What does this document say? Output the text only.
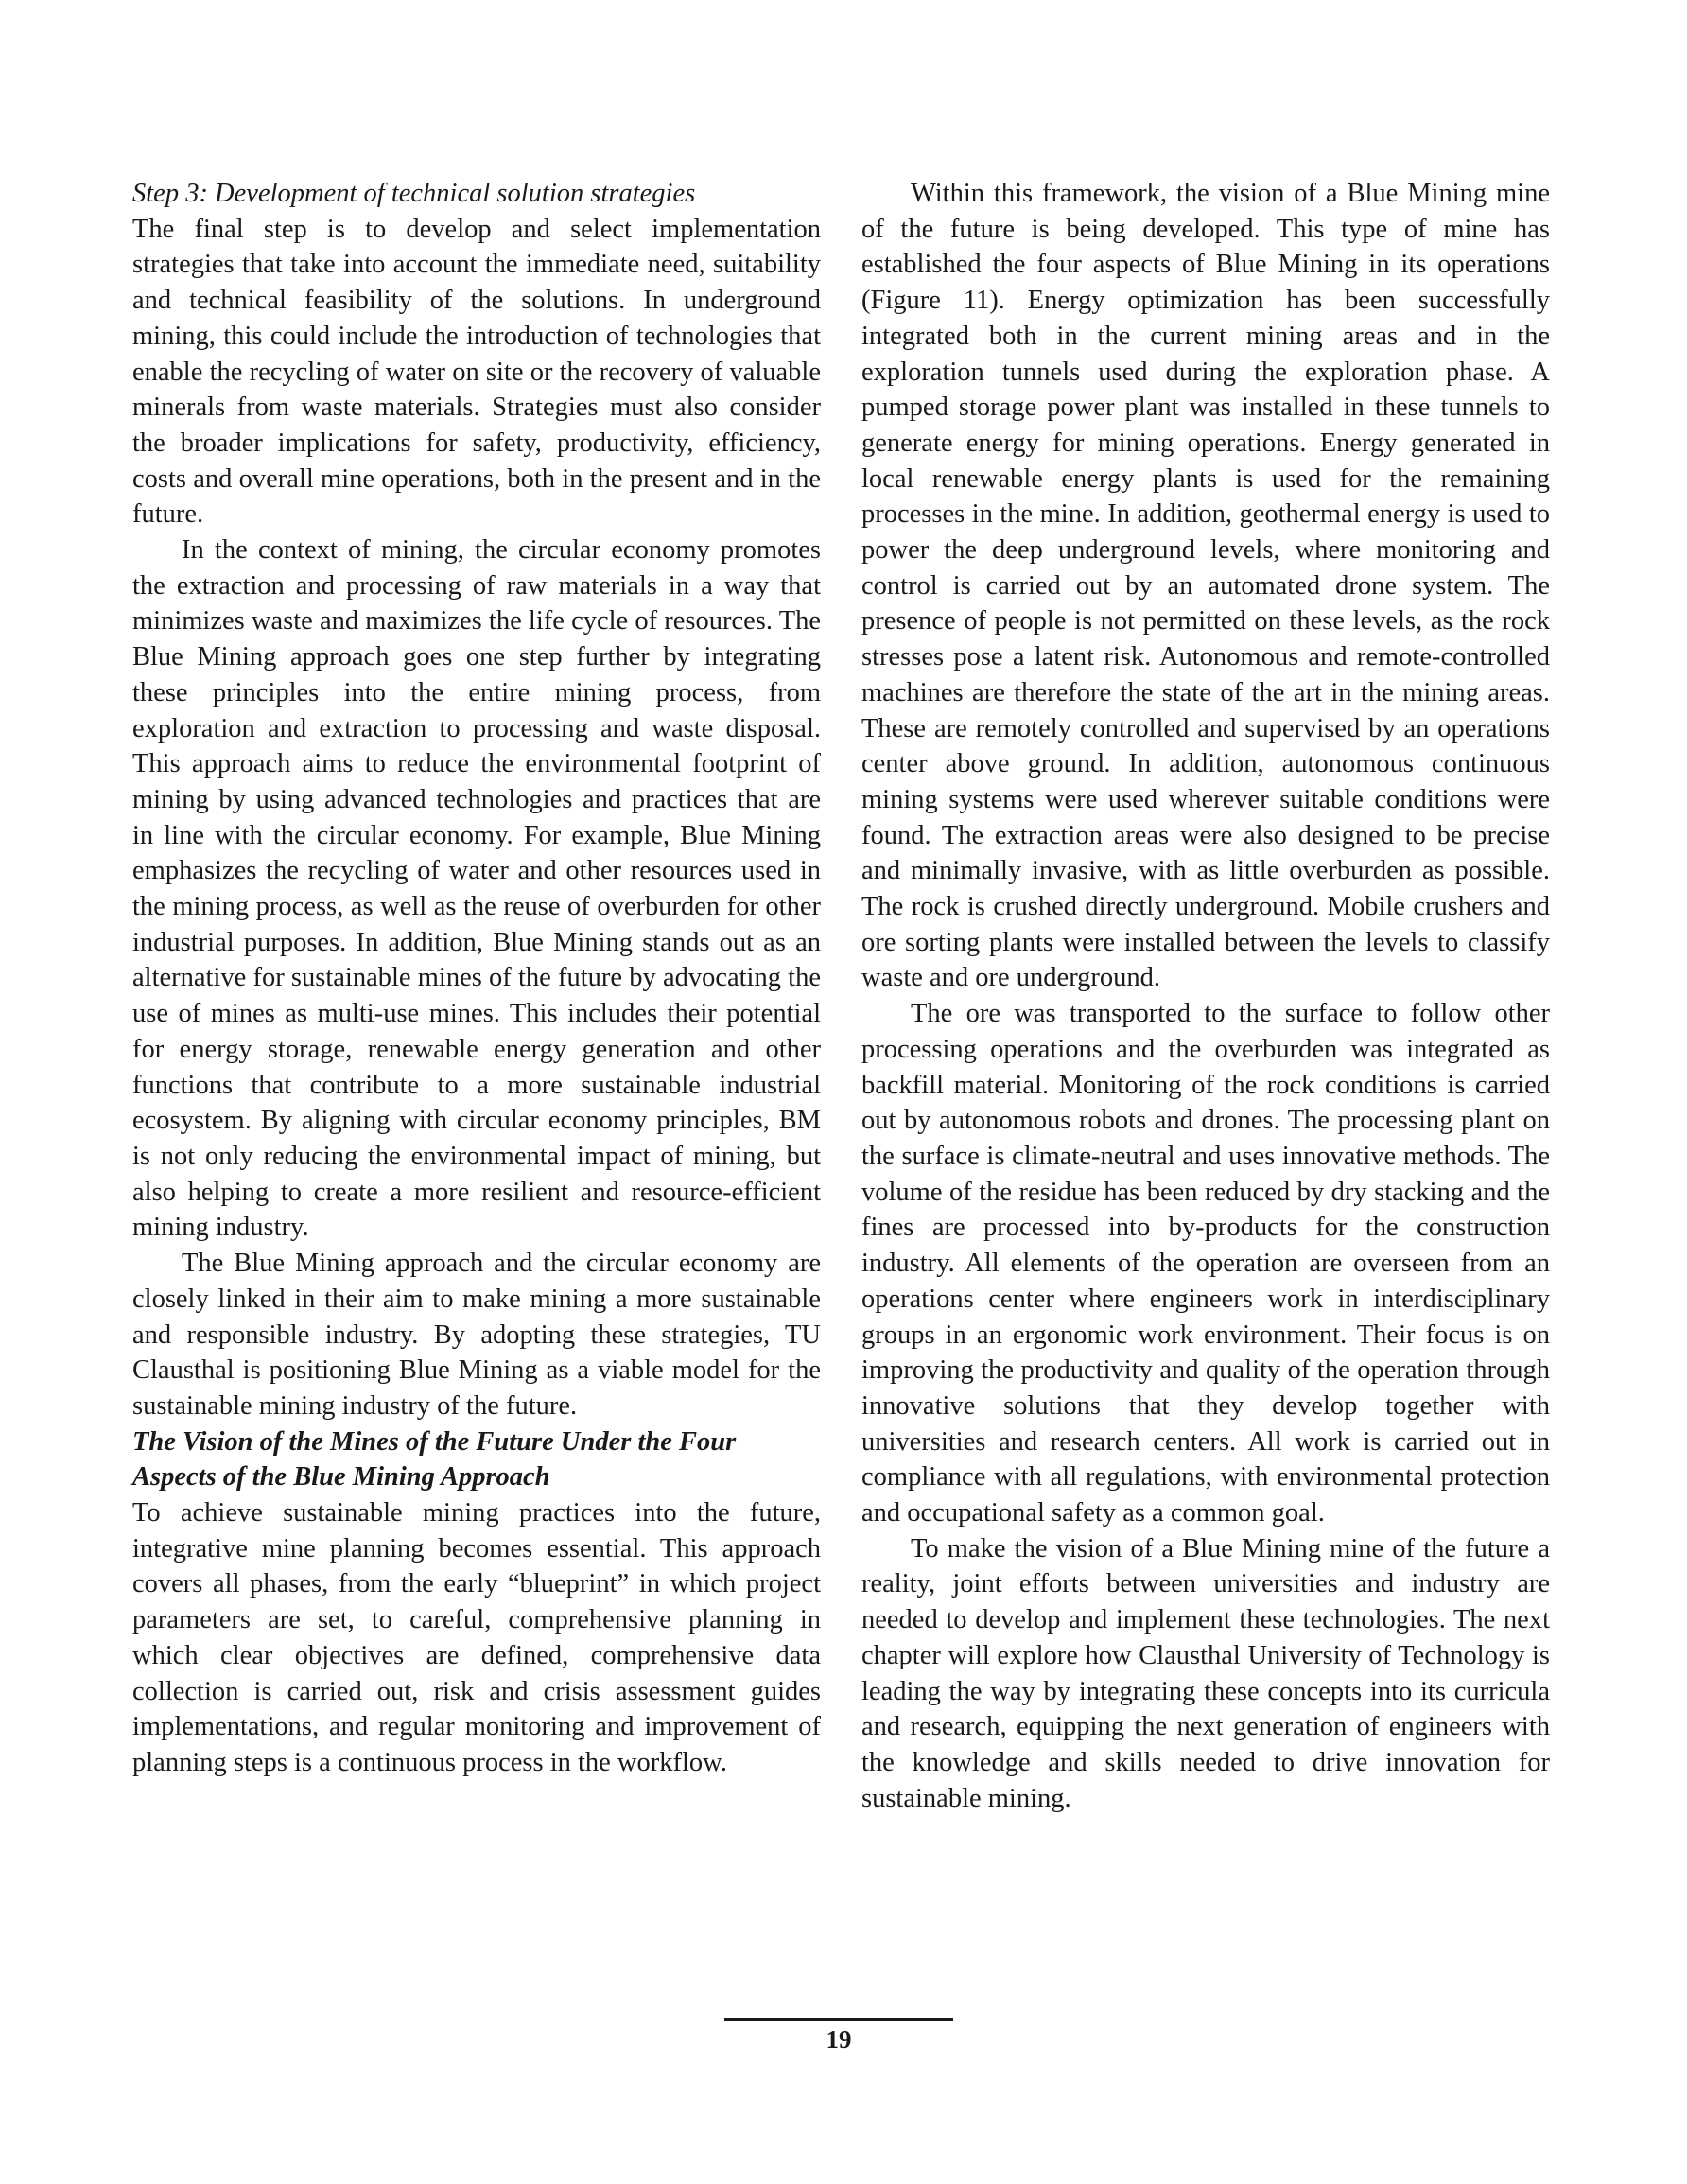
Step 3: Development of technical solution strategies

The final step is to develop and select implementation strategies that take into account the immediate need, suitability and technical feasibility of the solutions. In underground mining, this could include the introduction of technologies that enable the recycling of water on site or the recovery of valuable minerals from waste materials. Strategies must also consider the broader implications for safety, productivity, efficiency, costs and overall mine operations, both in the present and in the future.

In the context of mining, the circular economy promotes the extraction and processing of raw materials in a way that minimizes waste and maximizes the life cycle of resources. The Blue Mining approach goes one step further by integrating these principles into the entire mining process, from exploration and extraction to processing and waste disposal. This approach aims to reduce the environmental footprint of mining by using advanced technologies and practices that are in line with the circular economy. For example, Blue Mining emphasizes the recycling of water and other resources used in the mining process, as well as the reuse of overburden for other industrial purposes. In addition, Blue Mining stands out as an alternative for sustainable mines of the future by advocating the use of mines as multi-use mines. This includes their potential for energy storage, renewable energy generation and other functions that contribute to a more sustainable industrial ecosystem. By aligning with circular economy principles, BM is not only reducing the environmental impact of mining, but also helping to create a more resilient and resource-efficient mining industry.

The Blue Mining approach and the circular economy are closely linked in their aim to make mining a more sustainable and responsible industry. By adopting these strategies, TU Clausthal is positioning Blue Mining as a viable model for the sustainable mining industry of the future.

The Vision of the Mines of the Future Under the Four Aspects of the Blue Mining Approach

To achieve sustainable mining practices into the future, integrative mine planning becomes essential. This approach covers all phases, from the early “blueprint” in which project parameters are set, to careful, comprehensive planning in which clear objectives are defined, comprehensive data collection is carried out, risk and crisis assessment guides implementations, and regular monitoring and improvement of planning steps is a continuous process in the workflow.

Within this framework, the vision of a Blue Mining mine of the future is being developed. This type of mine has established the four aspects of Blue Mining in its operations (Figure 11). Energy optimization has been successfully integrated both in the current mining areas and in the exploration tunnels used during the exploration phase. A pumped storage power plant was installed in these tunnels to generate energy for mining operations. Energy generated in local renewable energy plants is used for the remaining processes in the mine. In addition, geothermal energy is used to power the deep underground levels, where monitoring and control is carried out by an automated drone system. The presence of people is not permitted on these levels, as the rock stresses pose a latent risk. Autonomous and remote-controlled machines are therefore the state of the art in the mining areas. These are remotely controlled and supervised by an operations center above ground. In addition, autonomous continuous mining systems were used wherever suitable conditions were found. The extraction areas were also designed to be precise and minimally invasive, with as little overburden as possible. The rock is crushed directly underground. Mobile crushers and ore sorting plants were installed between the levels to classify waste and ore underground.

The ore was transported to the surface to follow other processing operations and the overburden was integrated as backfill material. Monitoring of the rock conditions is carried out by autonomous robots and drones. The processing plant on the surface is climate-neutral and uses innovative methods. The volume of the residue has been reduced by dry stacking and the fines are processed into by-products for the construction industry. All elements of the operation are overseen from an operations center where engineers work in interdisciplinary groups in an ergonomic work environment. Their focus is on improving the productivity and quality of the operation through innovative solutions that they develop together with universities and research centers. All work is carried out in compliance with all regulations, with environmental protection and occupational safety as a common goal.

To make the vision of a Blue Mining mine of the future a reality, joint efforts between universities and industry are needed to develop and implement these technologies. The next chapter will explore how Clausthal University of Technology is leading the way by integrating these concepts into its curricula and research, equipping the next generation of engineers with the knowledge and skills needed to drive innovation for sustainable mining.

19
